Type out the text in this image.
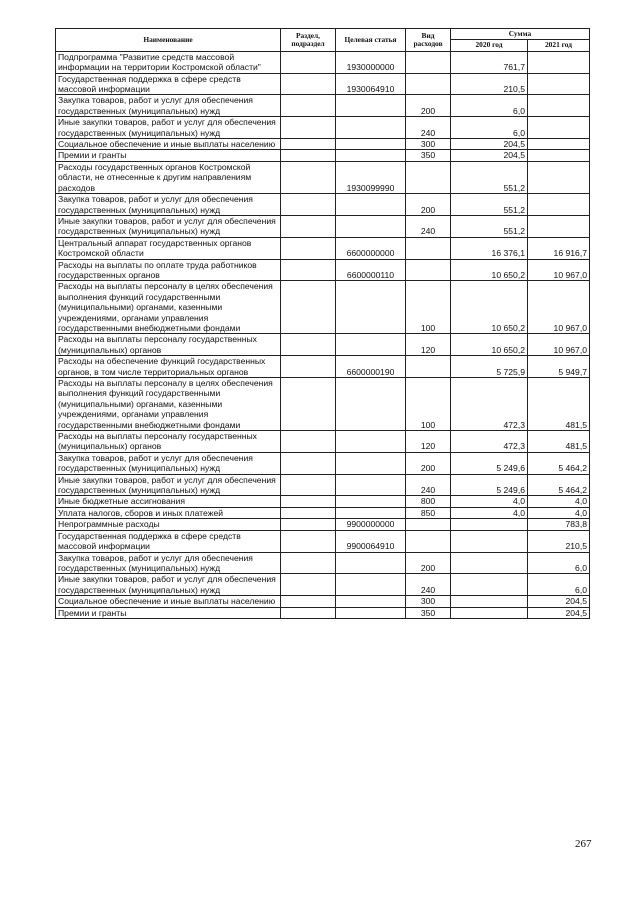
Наименование	Раздел, подраздел	Целевая статья	Вид расходов	Сумма	
				2020 год	2021 год
Подпрограмма "Развитие средств массовой информации на территории Костромской области"		1930000000		761,7	
Государственная поддержка в сфере средств массовой информации		1930064910		210,5	
Закупка товаров, работ и услуг для обеспечения государственных (муниципальных) нужд			200	6,0	
Иные закупки товаров, работ и услуг для обеспечения государственных (муниципальных) нужд			240	6,0	
Социальное обеспечение и иные выплаты населению			300	204,5	
Премии и гранты			350	204,5	
Расходы государственных органов Костромской области, не отнесенные к другим направлениям расходов		1930099990		551,2	
Закупка товаров, работ и услуг для обеспечения государственных (муниципальных) нужд			200	551,2	
Иные закупки товаров, работ и услуг для обеспечения государственных (муниципальных) нужд			240	551,2	
Центральный аппарат государственных органов Костромской области		6600000000		16 376,1	16 916,7
Расходы на выплаты по оплате труда работников государственных органов		6600000110		10 650,2	10 967,0
Расходы на выплаты персоналу в целях обеспечения выполнения функций государственными (муниципальными) органами, казенными учреждениями, органами управления государственными внебюджетными фондами			100	10 650,2	10 967,0
Расходы на выплаты персоналу государственных (муниципальных) органов			120	10 650,2	10 967,0
Расходы на обеспечение функций государственных органов, в том числе территориальных органов		6600000190		5 725,9	5 949,7
Расходы на выплаты персоналу в целях обеспечения выполнения функций государственными (муниципальными) органами, казенными учреждениями, органами управления государственными внебюджетными фондами			100	472,3	481,5
Расходы на выплаты персоналу государственных (муниципальных) органов			120	472,3	481,5
Закупка товаров, работ и услуг для обеспечения государственных (муниципальных) нужд			200	5 249,6	5 464,2
Иные закупки товаров, работ и услуг для обеспечения государственных (муниципальных) нужд			240	5 249,6	5 464,2
Иные бюджетные ассигнования			800	4,0	4,0
Уплата налогов, сборов и иных платежей			850	4,0	4,0
Непрограммные расходы		9900000000			783,8
Государственная поддержка в сфере средств массовой информации		9900064910			210,5
Закупка товаров, работ и услуг для обеспечения государственных (муниципальных) нужд			200		6,0
Иные закупки товаров, работ и услуг для обеспечения государственных (муниципальных) нужд			240		6,0
Социальное обеспечение и иные выплаты населению			300		204,5
Премии и гранты			350		204,5
267
